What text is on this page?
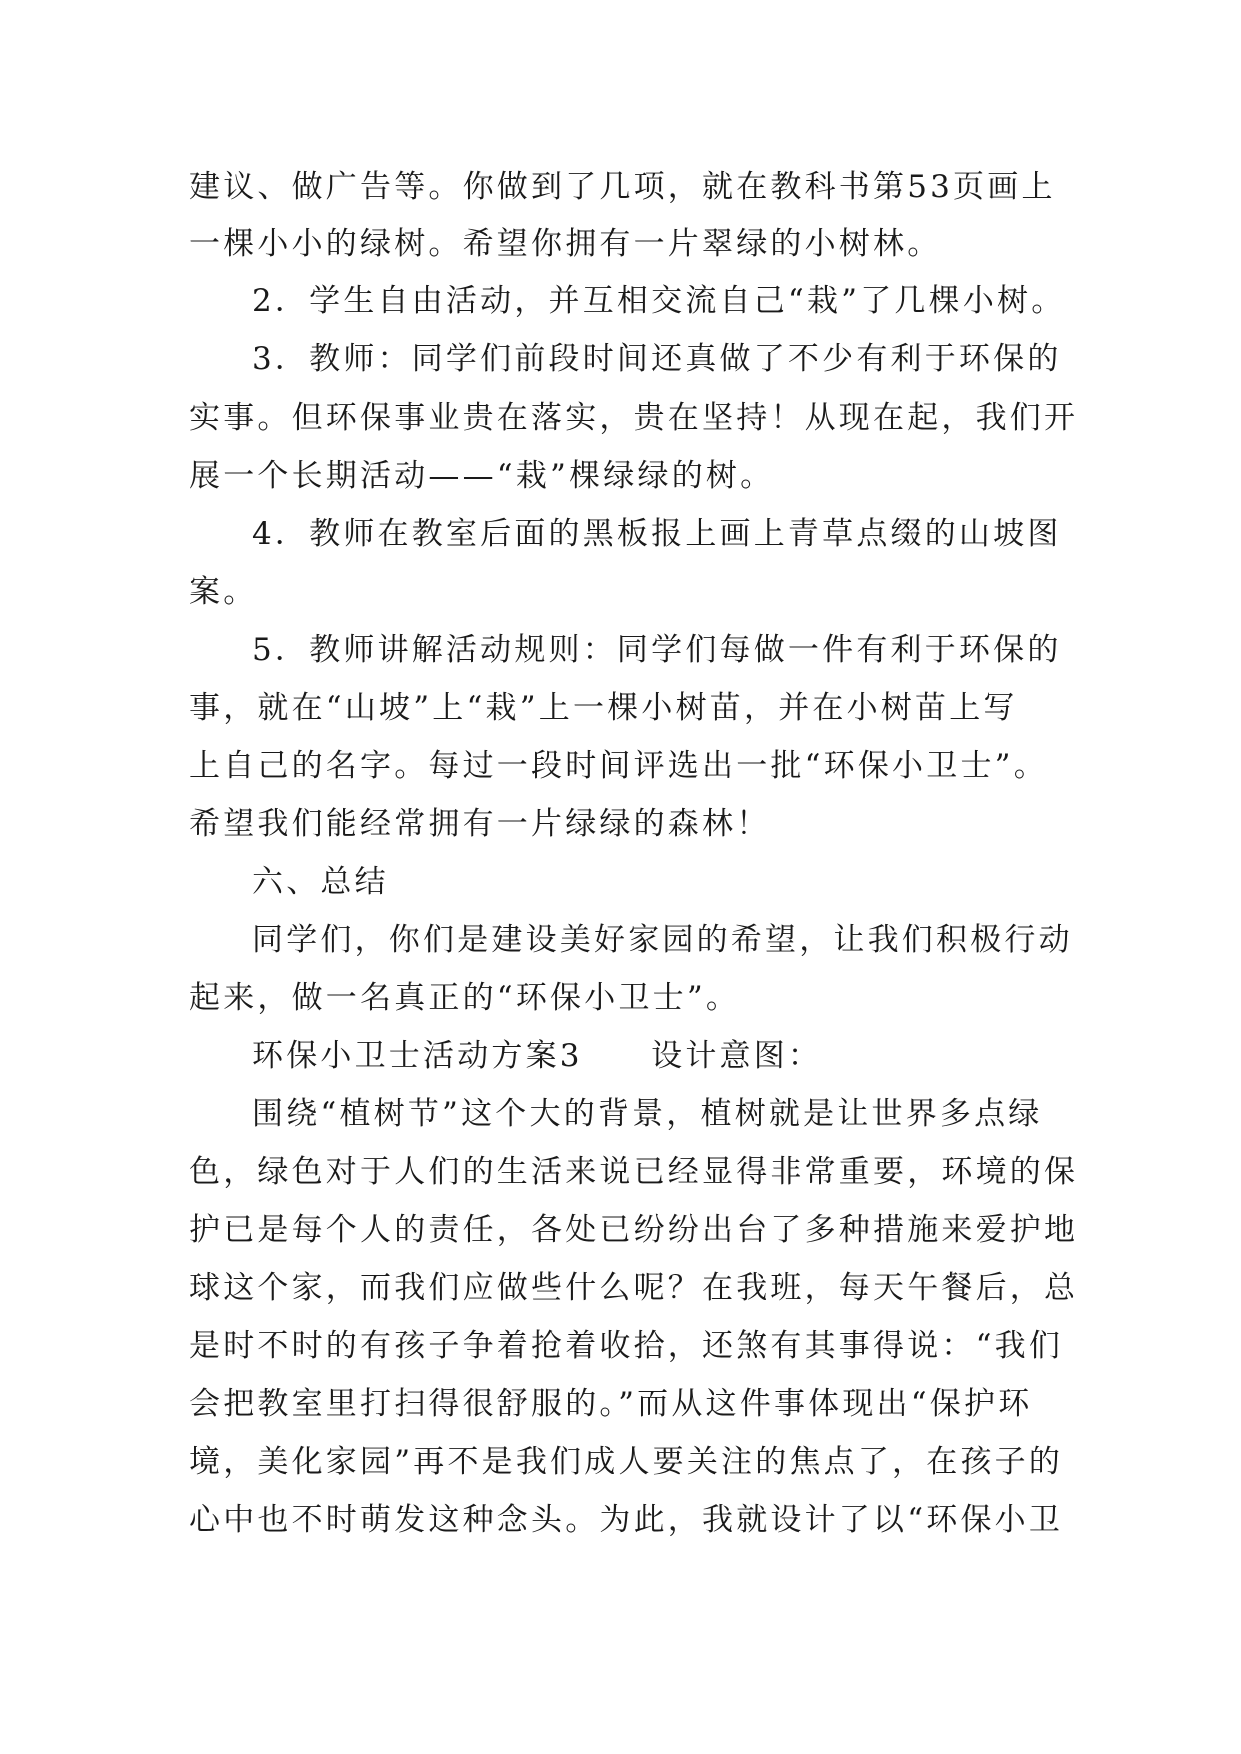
建议、做广告等。你做到了几项，就在教科书第53页画上
一棵小小的绿树。希望你拥有一片翠绿的小树林。
2．学生自由活动，并互相交流自己“栽”了几棵小树。
3．教师：同学们前段时间还真做了不少有利于环保的
实事。但环保事业贵在落实，贵在坚持！从现在起，我们开
展一个长期活动——“栽”棵绿绿的树。
4．教师在教室后面的黑板报上画上青草点缀的山坡图
案。
5．教师讲解活动规则：同学们每做一件有利于环保的
事，就在“山坡”上“栽”上一棵小树苗，并在小树苗上写
上自己的名字。每过一段时间评选出一批“环保小卫士”。
希望我们能经常拥有一片绿绿的森林！
六、总结
同学们，你们是建设美好家园的希望，让我们积极行动
起来，做一名真正的“环保小卫士”。
环保小卫士活动方案3　　设计意图：
围绕“植树节”这个大的背景，植树就是让世界多点绿
色，绿色对于人们的生活来说已经显得非常重要，环境的保
护已是每个人的责任，各处已纷纷出台了多种措施来爱护地
球这个家，而我们应做些什么呢？在我班，每天午餐后，总
是时不时的有孩子争着抢着收拾，还煞有其事得说：“我们
会把教室里打扫得很舒服的。”而从这件事体现出“保护环
境，美化家园”再不是我们成人要关注的焦点了，在孩子的
心中也不时萌发这种念头。为此，我就设计了以“环保小卫
